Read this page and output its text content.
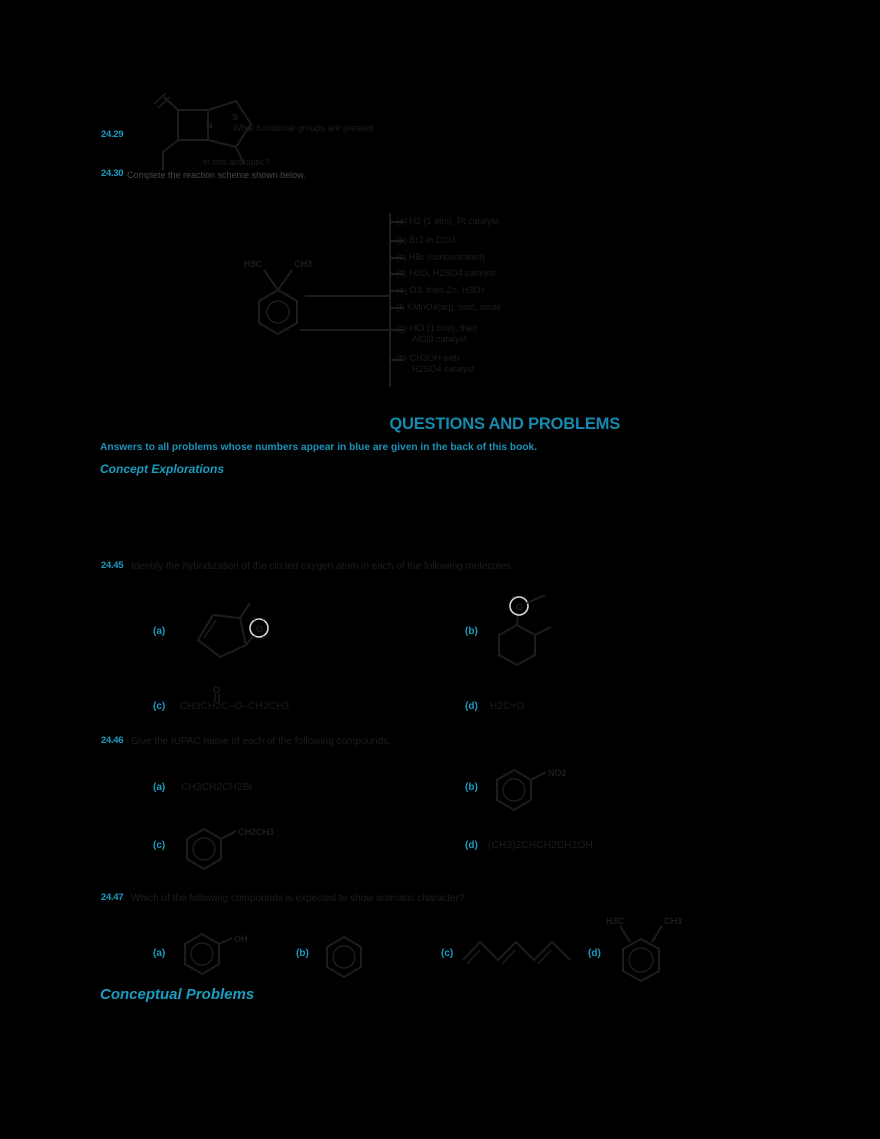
24.29
S
N What functional groups are present
in this antibiotic?
24.30 Complete the reaction scheme shown below.
H3C	CH3
(a) H2 (1 atm), Pt catalyst
(b) Br2 in CCl4
(c) HBr (concentrated)
(d) H2O, H2SO4 catalyst
(e) O3, then Zn, H3O+
(f) KMnO4(aq), cold, dilute
(g) HCl (1 mol), then
AlCl3 catalyst
(h) CH3OH with
H2SO4 catalyst
QUESTIONS AND PROBLEMS
Answers to all problems whose numbers appear in blue are given in the back of this book.
Concept Explorations
24.45 Identify the hybridization of the circled oxygen atom in each of the following molecules.
(a)	O	(b)
O
(c)
O
CH3CH2C–O–CH2CH3	(d) H2C=O
24.46 Give the IUPAC name of each of the following compounds.
(a) CH3CH2CH2Br	(b)
NO2
(c)
CH2CH3
(d) (CH3)2CHCH2CH2OH
24.47 Which of the following compounds is expected to show aromatic character?
(a)
OH
(b)	(c)	(d)
H3C	CH3
Conceptual Problems
